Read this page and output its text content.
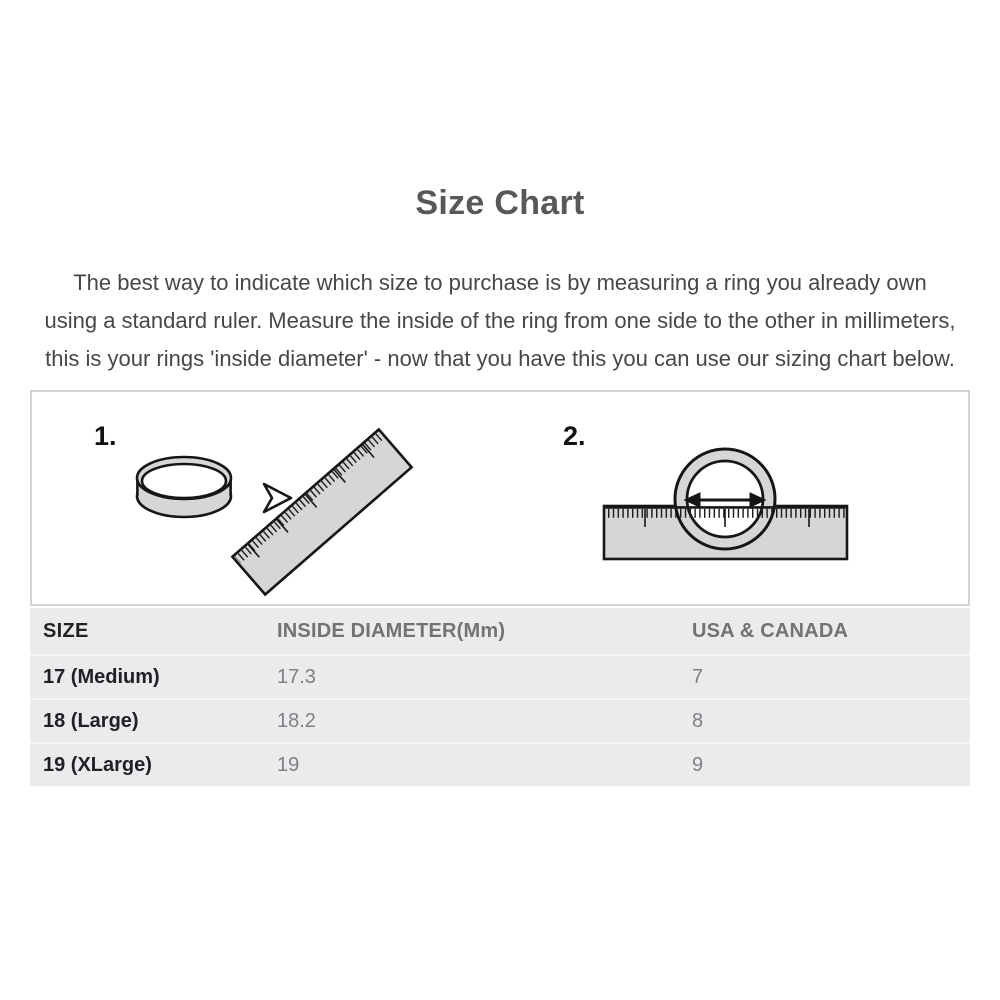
Size Chart

The best way to indicate which size to purchase is by measuring a ring you already own using a standard ruler. Measure the inside of the ring from one side to the other in millimeters, this is your rings 'inside diameter' - now that you have this you can use our sizing chart below.

1.	2.
SIZE	INSIDE DIAMETER(Mm)	USA & CANADA
17 (Medium)	17.3	7
18 (Large)	18.2	8
19 (XLarge)	19	9
